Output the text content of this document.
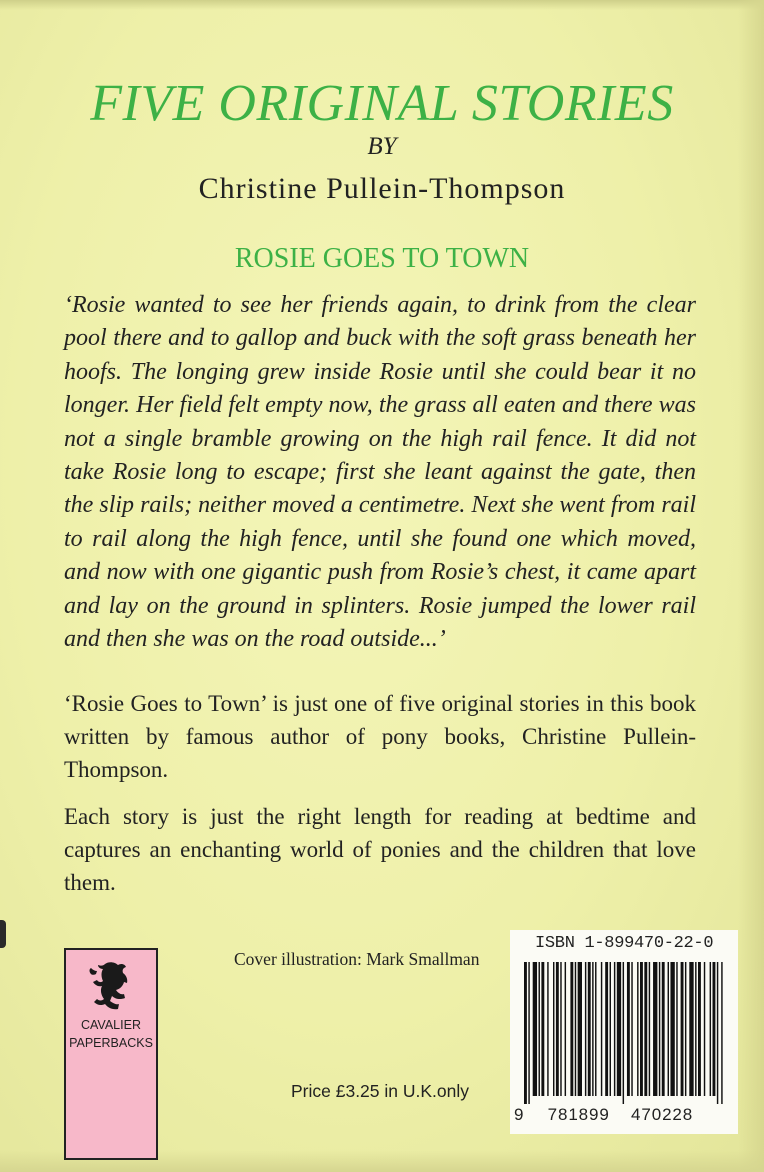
FIVE ORIGINAL STORIES
BY
Christine Pullein-Thompson
ROSIE GOES TO TOWN

‘Rosie wanted to see her friends again, to drink from the clear pool there and to gallop and buck with the soft grass beneath her hoofs. The longing grew inside Rosie until she could bear it no longer. Her field felt empty now, the grass all eaten and there was not a single bramble growing on the high rail fence. It did not take Rosie long to escape; first she leant against the gate, then the slip rails; neither moved a centimetre. Next she went from rail to rail along the high fence, until she found one which moved, and now with one gigantic push from Rosie’s chest, it came apart and lay on the ground in splinters. Rosie jumped the lower rail and then she was on the road outside...’

‘Rosie Goes to Town’ is just one of five original stories in this book written by famous author of pony books, Christine Pullein-Thompson.

Each story is just the right length for reading at bedtime and captures an enchanting world of ponies and the children that love them.

CAVALIER
PAPERBACKS
Cover illustration: Mark Smallman
Price £3.25 in U.K.only
ISBN 1-899470-22-0
9 781899 470228
